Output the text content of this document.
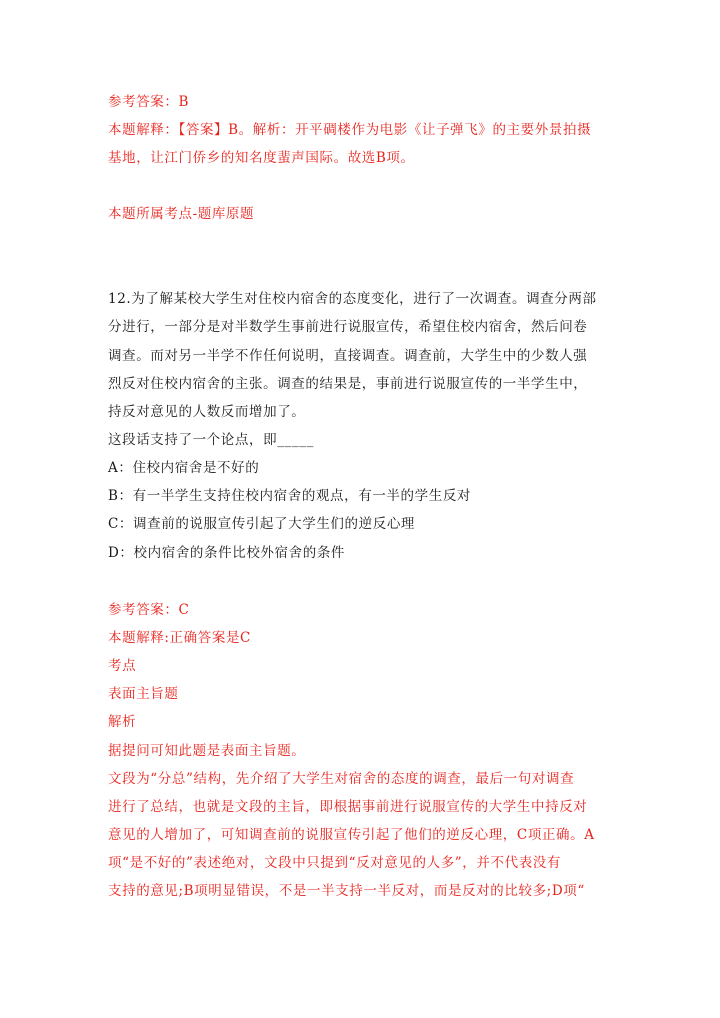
参考答案：B
本题解释：【答案】B。解析：开平碉楼作为电影《让子弹飞》的主要外景拍摄
基地，让江门侨乡的知名度蜚声国际。故选B项。
本题所属考点-题库原题
12.为了解某校大学生对住校内宿舍的态度变化，进行了一次调查。调查分两部
分进行，一部分是对半数学生事前进行说服宣传，希望住校内宿舍，然后问卷
调查。而对另一半学不作任何说明，直接调查。调查前，大学生中的少数人强
烈反对住校内宿舍的主张。调查的结果是，事前进行说服宣传的一半学生中，
持反对意见的人数反而增加了。
这段话支持了一个论点，即_____
A：住校内宿舍是不好的
B：有一半学生支持住校内宿舍的观点，有一半的学生反对
C：调查前的说服宣传引起了大学生们的逆反心理
D：校内宿舍的条件比校外宿舍的条件
参考答案：C
本题解释:正确答案是C
考点
表面主旨题
解析
据提问可知此题是表面主旨题。
文段为“分总”结构，先介绍了大学生对宿舍的态度的调查，最后一句对调查
进行了总结，也就是文段的主旨，即根据事前进行说服宣传的大学生中持反对
意见的人增加了，可知调查前的说服宣传引起了他们的逆反心理，C项正确。A
项“是不好的”表述绝对，文段中只提到“反对意见的人多”，并不代表没有
支持的意见;B项明显错误，不是一半支持一半反对，而是反对的比较多;D项“
